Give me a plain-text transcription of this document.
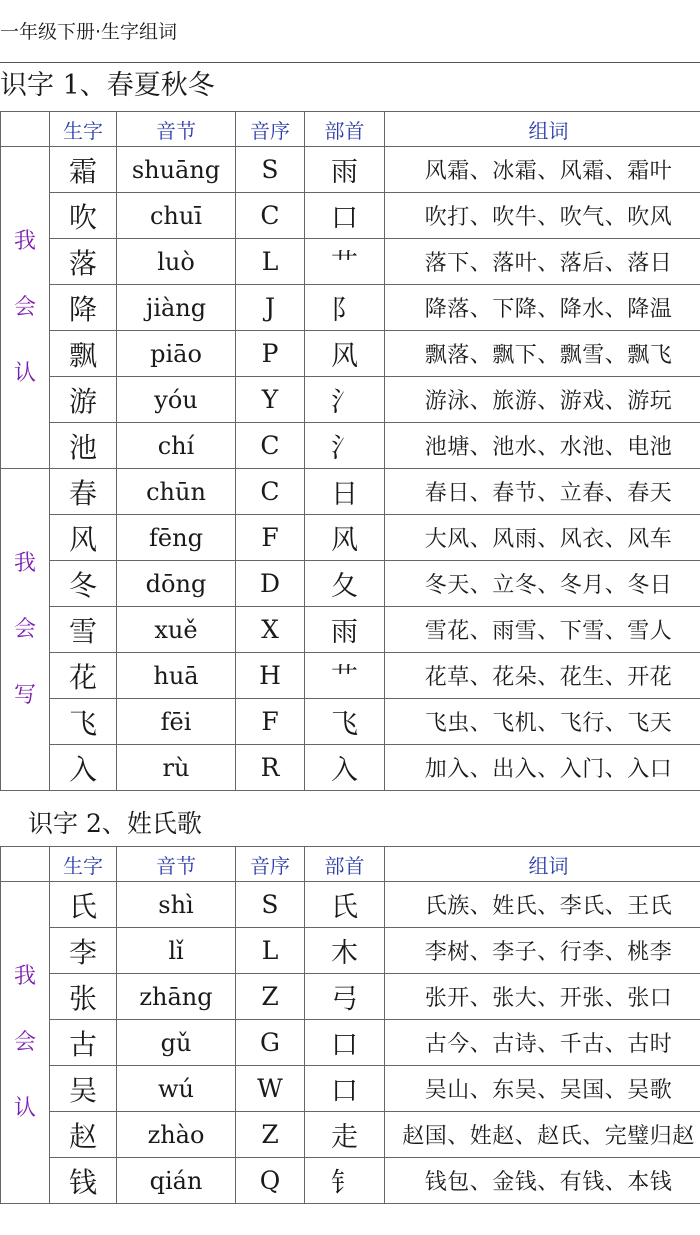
一年级下册·生字组词
识字 1、春夏秋冬
	生字	音节	音序	部首	组词

我
会
认	霜	shuāng	S	雨	风霜、冰霜、风霜、霜叶
	吹	chuī	C	口	吹打、吹牛、吹气、吹风
	落	luò	L	艹	落下、落叶、落后、落日
	降	jiàng	J	阝	降落、下降、降水、降温
	飘	piāo	P	风	飘落、飘下、飘雪、飘飞
	游	yóu	Y	氵	游泳、旅游、游戏、游玩
	池	chí	C	氵	池塘、池水、水池、电池

我
会
写	春	chūn	C	日	春日、春节、立春、春天
	风	fēng	F	风	大风、风雨、风衣、风车
	冬	dōng	D	夂	冬天、立冬、冬月、冬日
	雪	xuě	X	雨	雪花、雨雪、下雪、雪人
	花	huā	H	艹	花草、花朵、花生、开花
	飞	fēi	F	飞	飞虫、飞机、飞行、飞天
	入	rù	R	入	加入、出入、入门、入口
识字 2、姓氏歌
	生字	音节	音序	部首	组词

我
会
认	氏	shì	S	氏	氏族、姓氏、李氏、王氏
	李	lǐ	L	木	李树、李子、行李、桃李
	张	zhāng	Z	弓	张开、张大、开张、张口
	古	gǔ	G	口	古今、古诗、千古、古时
	吴	wú	W	口	吴山、东吴、吴国、吴歌
	赵	zhào	Z	走	赵国、姓赵、赵氏、完璧归赵
	钱	qián	Q	钅	钱包、金钱、有钱、本钱
